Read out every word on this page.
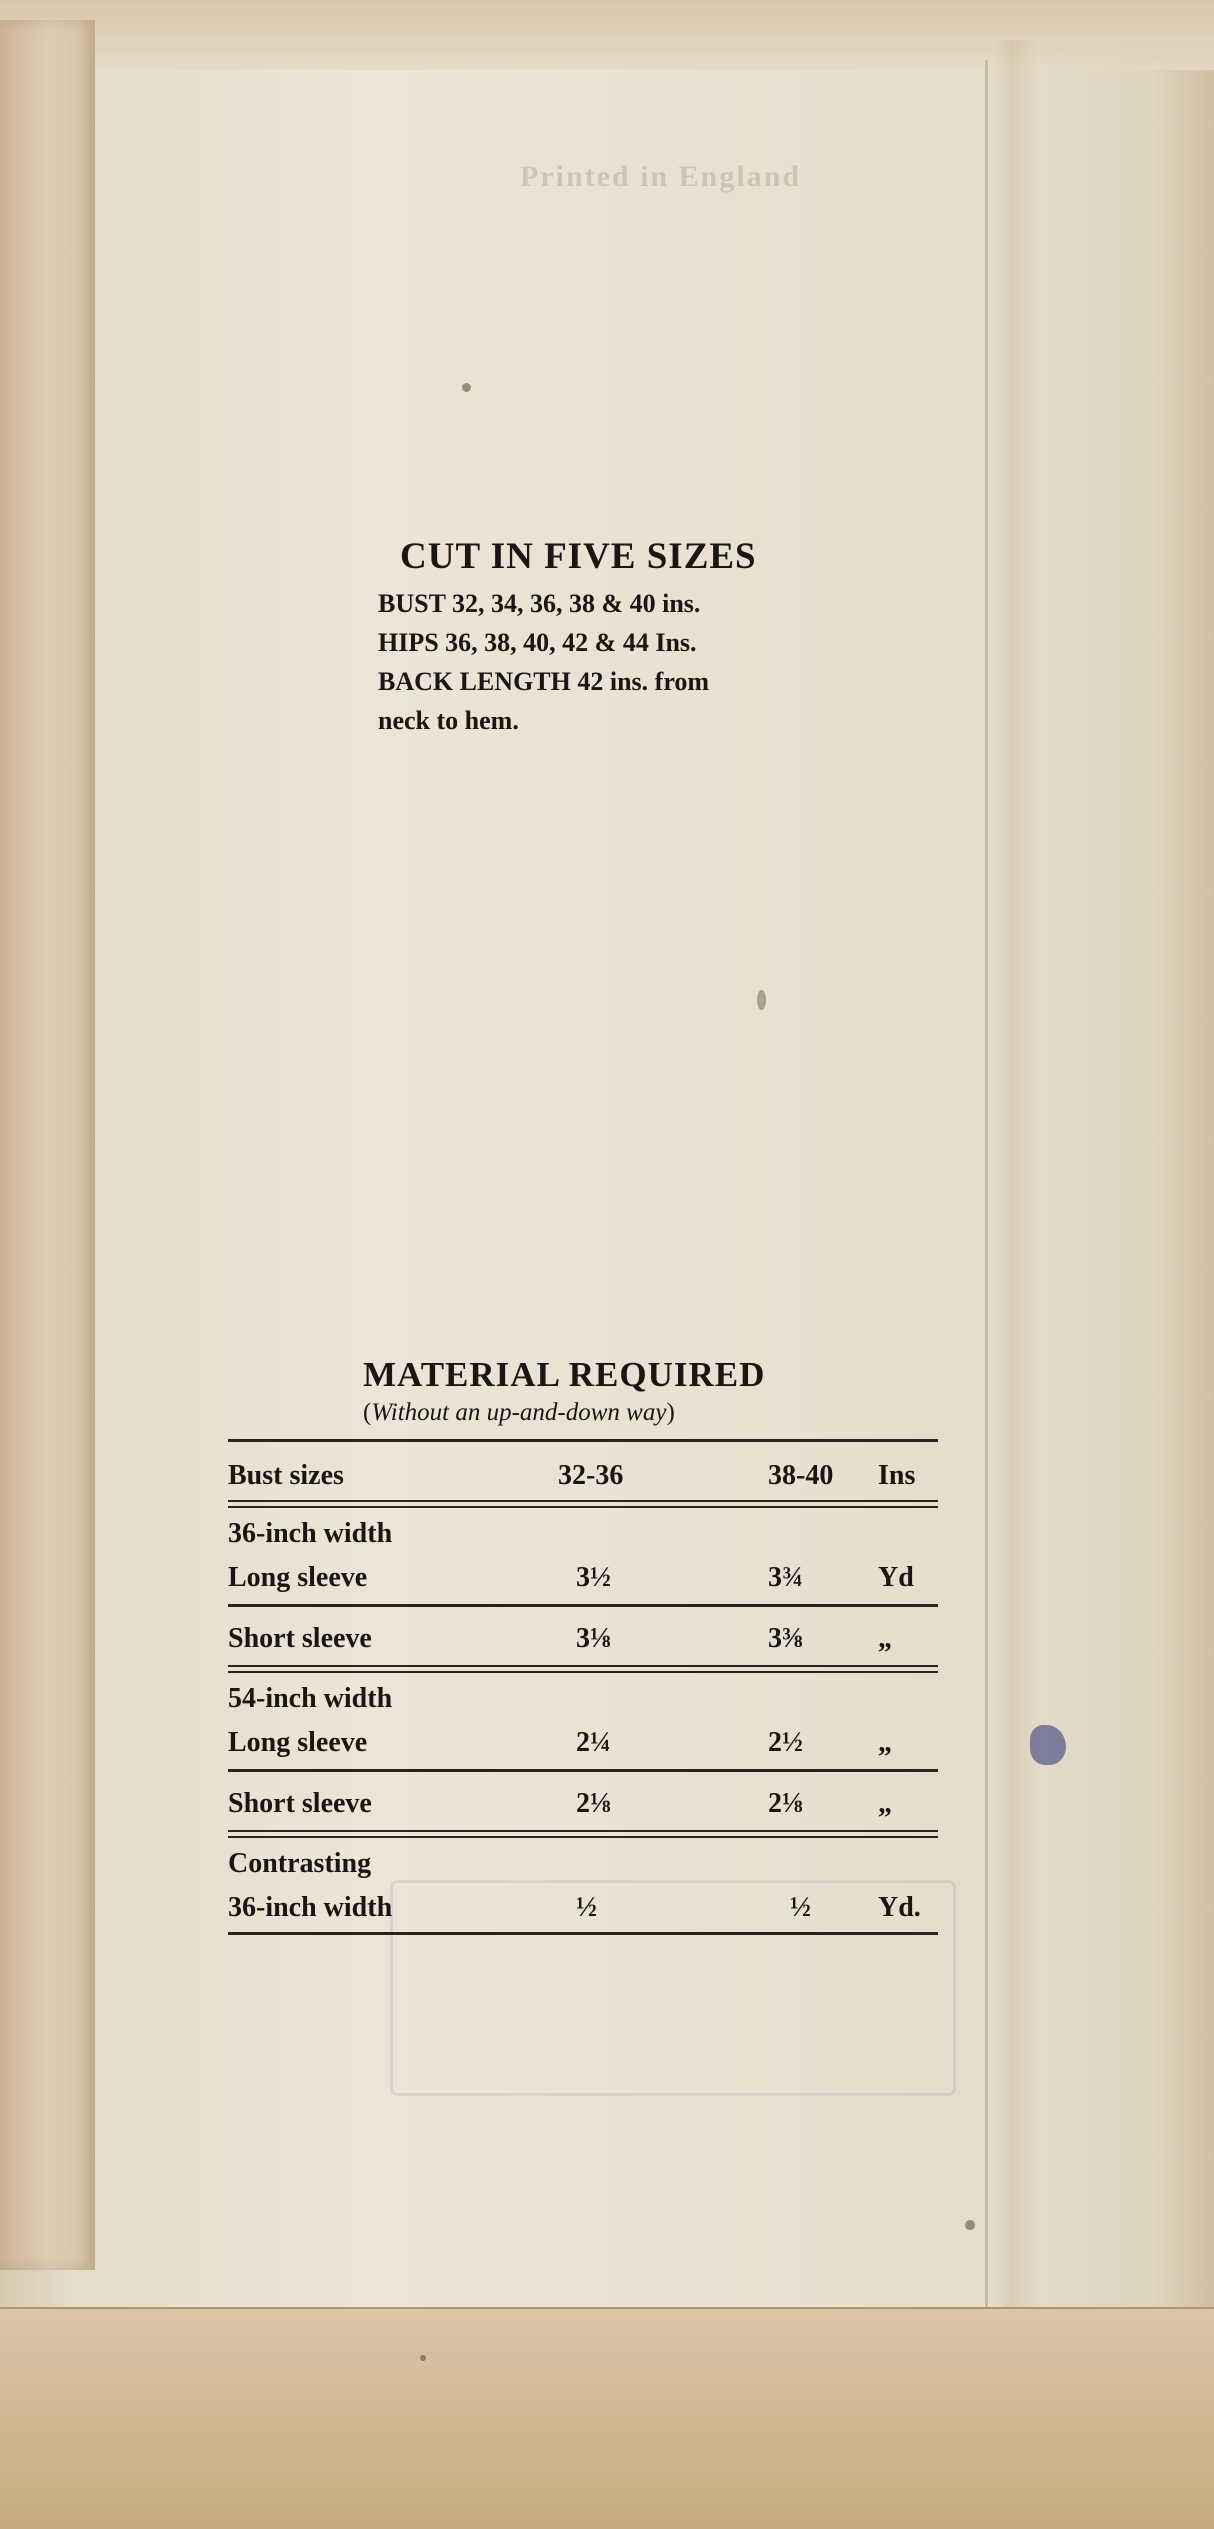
CUT IN FIVE SIZES
BUST 32, 34, 36, 38 & 40 ins.
HIPS 36, 38, 40, 42 & 44 Ins.
BACK LENGTH 42 ins. from
neck to hem.
MATERIAL REQUIRED
(Without an up-and-down way)
Bust sizes	32-36	38-40	Ins
36-inch width
Long sleeve	3½	3¾	Yd
Short sleeve	3⅛	3⅜	„
54-inch width
Long sleeve	2¼	2½	„
Short sleeve	2⅛	2⅛	„
Contrasting
36-inch width	½	½	Yd.
Printed in England
